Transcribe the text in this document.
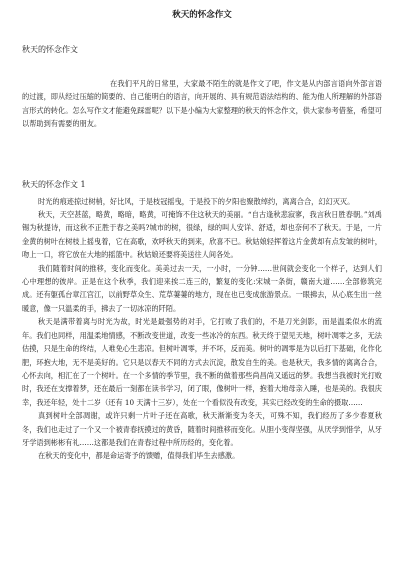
秋天的怀念作文
秋天的怀念作文

在我们平凡的日常里，大家最不陌生的就是作文了吧，作文是从内部言语向外部言语的过渡，即从经过压缩的简要的、自己能明白的语言，向开展的、具有规范语法结构的、能为他人所理解的外部语言形式的转化。怎么写作文才能避免踩雷呢？以下是小编为大家整理的秋天的怀念作文，供大家参考借鉴，希望可以帮助到有需要的朋友。

秋天的怀念作文 1

时光的痕迹掠过树梢，好比风，于是枝冠摇曳，于是投下的夕阳也聚散绰约，离离合合，幻幻灭灭。

秋天，天空甚蓝，略黄，略暗，略黄，可掩饰不住这秋天的美丽。“自古逢秋悲寂寥，我言秋日胜春朝。”刘禹锡为秋提诗，而这秋不正胜于春之美吗?城市的树，很绿，绿的叫人安详、舒适，却也奈何不了秋天。于是，一片金黄的树叶在树枝上摇曳着，它在高歌，欢呼秋天的到来，欣喜不已。秋姑娘轻挥着这片金黄却有点发皱的树叶，吻上一口，将它放在大地的摇篮中。秋姑娘还要将美送往人间各处。

我们随着时间的推移，变化而变化。美美过去一天，一小时，一分钟……世间就会变化一个样子，达到人们心中理想的彼岸。正是在这个秋季，我们迎来挨二连三的，繁复的变化:宋城一条街，赣南大道……全部修筑完成。还有躯孤台章江宫江，以前野草众生、荒草萋萋的地方，现在也已变成旅游景点。一眼拂去，从心底生出一丝暖意，像一只温柔的手，拂去了一切冰凉的阡陌。

秋天是满带着离与时光为故，时光是最强势的对手，它打败了我们的，不是刀光剑影，而是温柔似水的流年。我们也同样，用温柔地情感，不断改变世道，改变一些冰冷的东西。秋天终于望见天地，树叶凋零之多，无法估摸，只是生命的终结，人难免心生悲凉。但树叶凋零，并不坏，反而美。树叶的凋零是为以后打下基础，化作化肥，环抱大地，无不是美好的。它只是以春天不同的方式去沉淀，散发自生的美。也是秋天，我多情的离离合合，心怀去向，相汇在了一个树叶。在一个多情的季节里，我不断的做着那些尚昌尚又遥远的梦。我想当我被时光打败时，我还在支撑着梦，还在最后一刻都在读书学习，闭了眼，像树叶一样，抱着大地母亲入睡，也是美的。我很庆幸，我还年轻，处十二岁（还有 10 天满十三岁），处在一个看似没有改变，其实已经改变的生命的摄取……

真到树叶全部凋谢，或许只剩一片叶子还在高歌，秋天渐渐变为冬天，可殊不知，我们经历了多少春夏秋冬，我们也走过了一个又一个被青春抚摸过的黄昏，随着时间推移而变化。从胆小变得坚强，从厌学到惜学，从牙牙学语到彬彬有礼……这都是我们在青春过程中所历经的，变化着。

在秋天的变化中，都是命运寄予的馈赠，值得我们毕生去感激。
